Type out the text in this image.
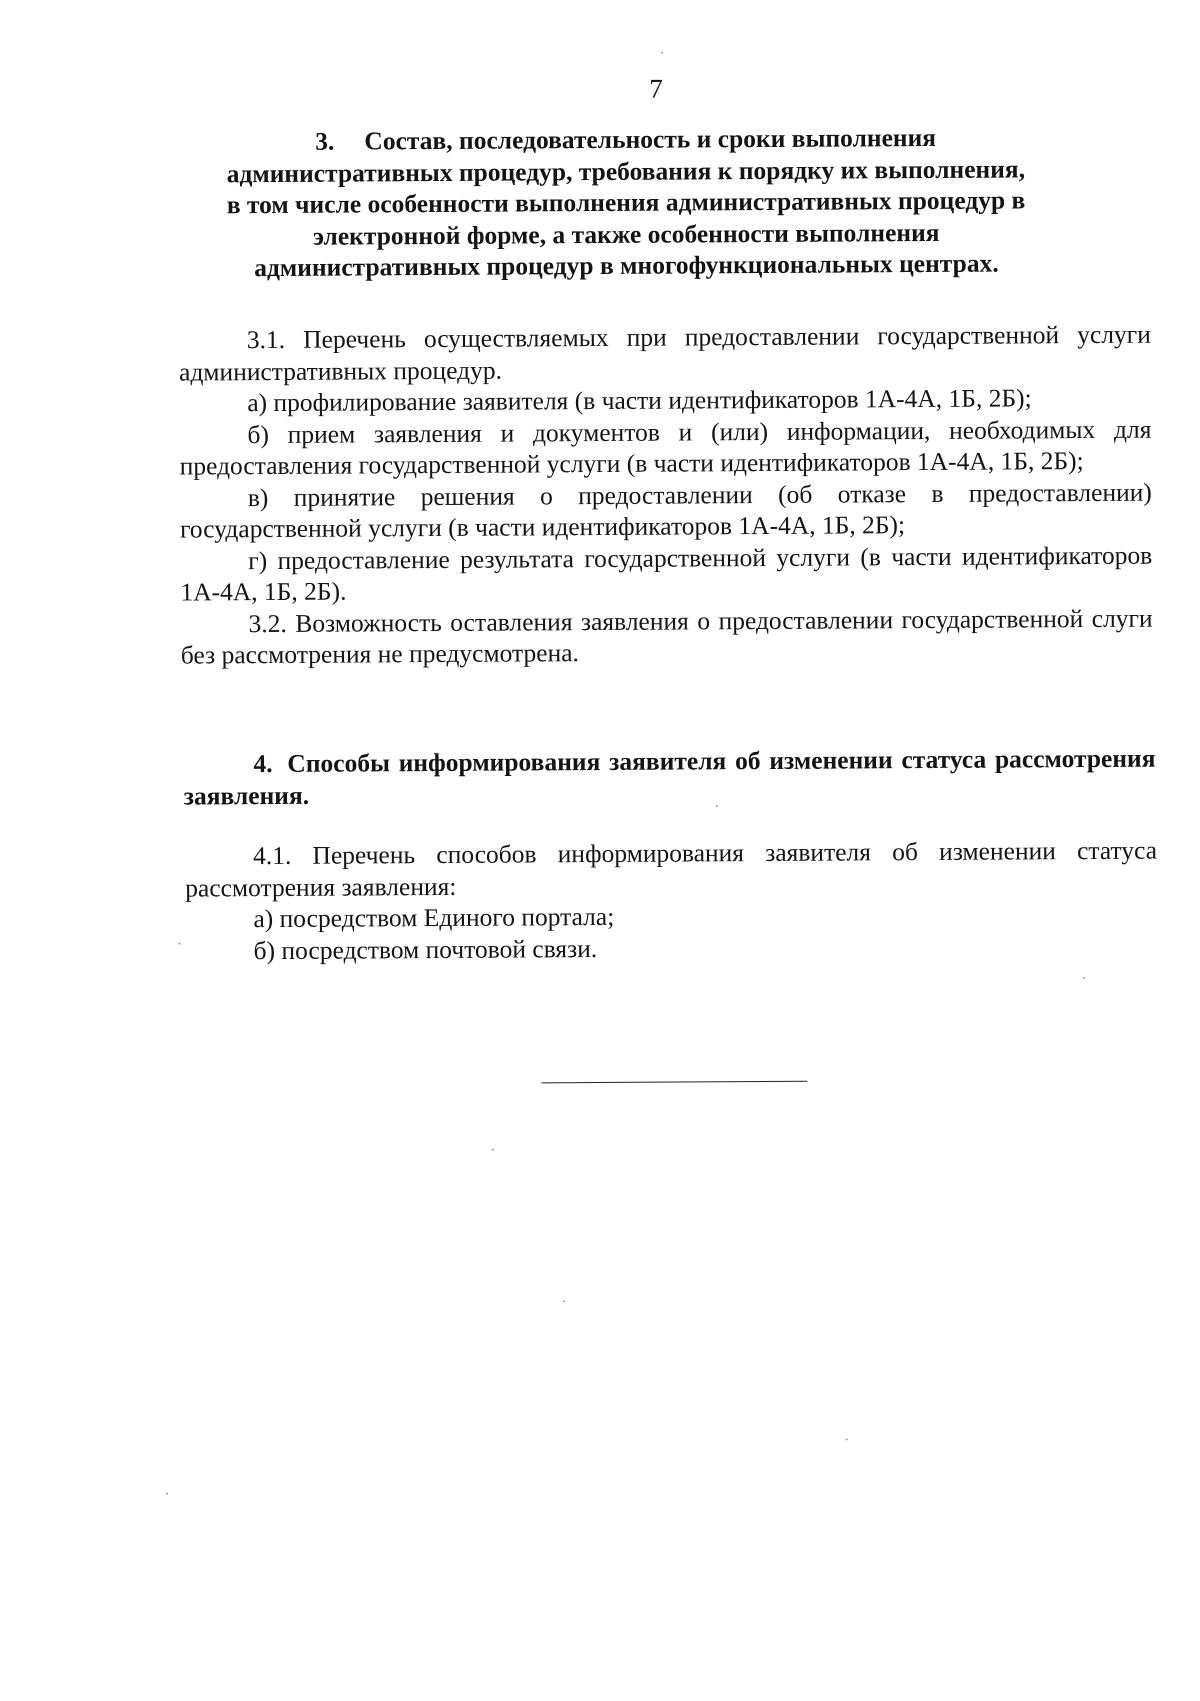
7
3. Состав, последовательность и сроки выполнения
административных процедур, требования к порядку их выполнения,
в том числе особенности выполнения административных процедур в
электронной форме, а также особенности выполнения
административных процедур в многофункциональных центрах.

3.1. Перечень осуществляемых при предоставлении государственной услуги административных процедур.

а) профилирование заявителя (в части идентификаторов 1А-4А, 1Б, 2Б);

б) прием заявления и документов и (или) информации, необходимых для предоставления государственной услуги (в части идентификаторов 1А-4А, 1Б, 2Б);

в) принятие решения о предоставлении (об отказе в предоставлении) государственной услуги (в части идентификаторов 1А-4А, 1Б, 2Б);

г) предоставление результата государственной услуги (в части идентификаторов 1А-4А, 1Б, 2Б).

3.2. Возможность оставления заявления о предоставлении государственной слуги без рассмотрения не предусмотрена.

4. Способы информирования заявителя об изменении статуса рассмотрения заявления.

4.1. Перечень способов информирования заявителя об изменении статуса рассмотрения заявления:

а) посредством Единого портала;

б) посредством почтовой связи.
